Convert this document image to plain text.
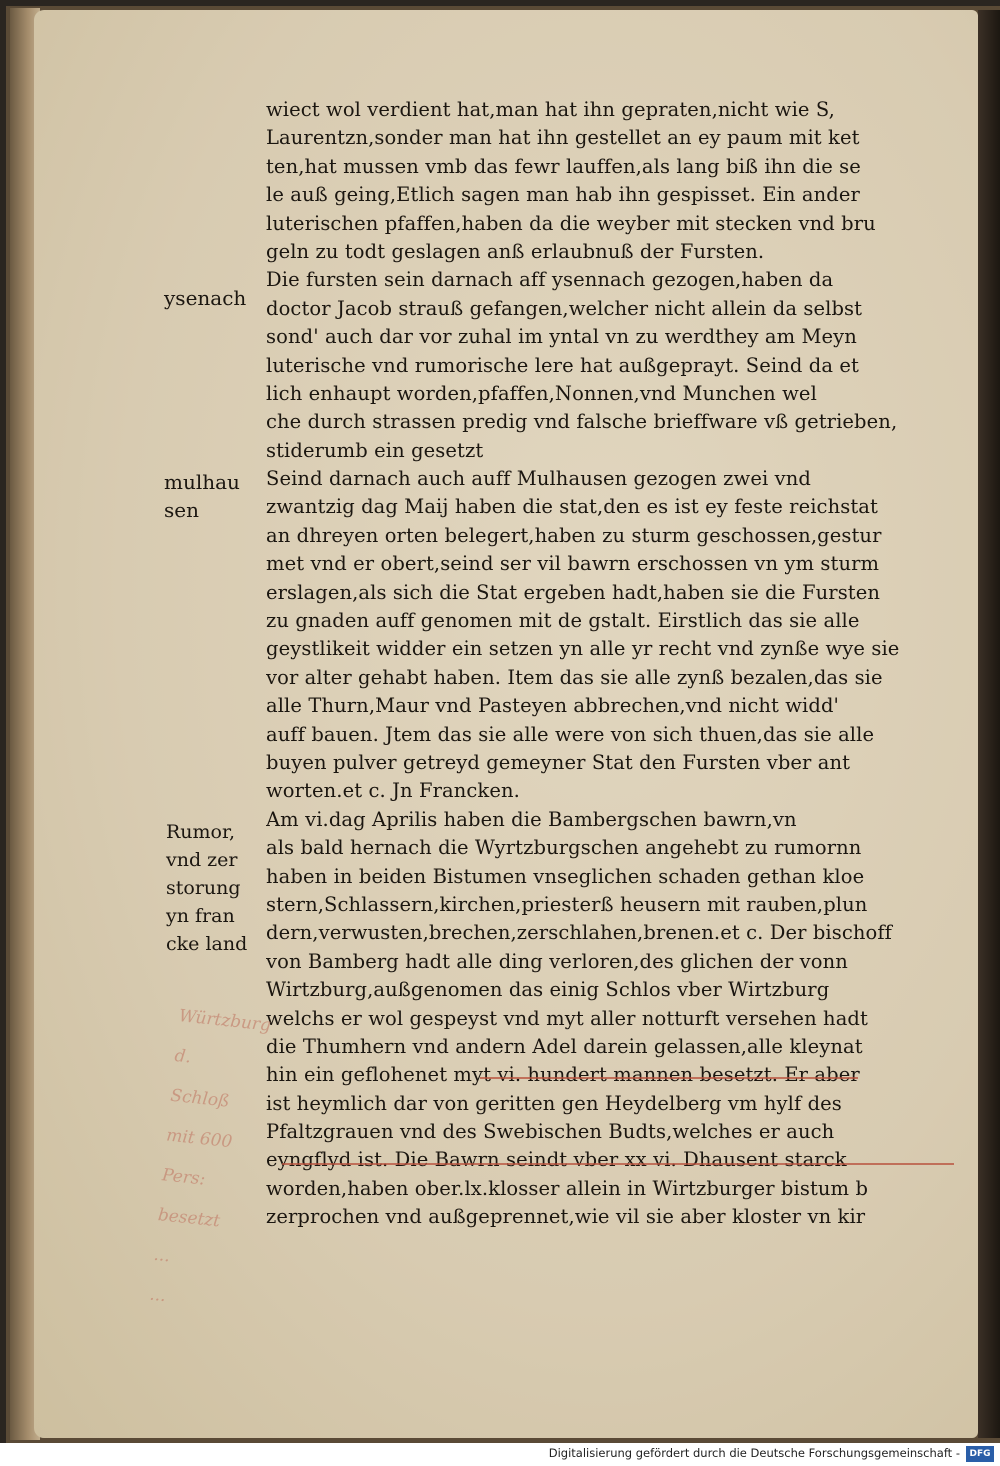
wiect wol verdient hat,man hat ihn gepraten,nicht wie S,
Laurentzn,sonder man hat ihn gestellet an ey paum mit ket
ten,hat mussen vmb das fewr lauffen,als lang biß ihn die se
le auß geing,Etlich sagen man hab ihn gespisset. Ein ander
luterischen pfaffen,haben da die weyber mit stecken vnd bru
geln zu todt geslagen anß erlaubnuß der Fursten.
Die fursten sein darnach aff ysennach gezogen,haben da
doctor Jacob strauß gefangen,welcher nicht allein da selbst
sond' auch dar vor zuhal im yntal vn zu werdthey am Meyn
luterische vnd rumorische lere hat außgeprayt. Seind da et
lich enhaupt worden,pfaffen,Nonnen,vnd Munchen wel
che durch strassen predig vnd falsche brieffware vß getrieben,
stiderumb ein gesetzt
Seind darnach auch auff Mulhausen gezogen zwei vnd
zwantzig dag Maij haben die stat,den es ist ey feste reichstat
an dhreyen orten belegert,haben zu sturm geschossen,gestur
met vnd er obert,seind ser vil bawrn erschossen vn ym sturm
erslagen,als sich die Stat ergeben hadt,haben sie die Fursten
zu gnaden auff genomen mit de gstalt. Eirstlich das sie alle
geystlikeit widder ein setzen yn alle yr recht vnd zynße wye sie
vor alter gehabt haben. Item das sie alle zynß bezalen,das sie
alle Thurn,Maur vnd Pasteyen abbrechen,vnd nicht widd'
auff bauen. Jtem das sie alle were von sich thuen,das sie alle
buyen pulver getreyd gemeyner Stat den Fursten vber ant
worten.et c. Jn Francken.
Am vi.dag Aprilis haben die Bambergschen bawrn,vn
als bald hernach die Wyrtzburgschen angehebt zu rumornn
haben in beiden Bistumen vnseglichen schaden gethan kloe
stern,Schlassern,kirchen,priesterß heusern mit rauben,plun
dern,verwusten,brechen,zerschlahen,brenen.et c. Der bischoff
von Bamberg hadt alle ding verloren,des glichen der vonn
Wirtzburg,außgenomen das einig Schlos vber Wirtzburg
welchs er wol gespeyst vnd myt aller notturft versehen hadt
die Thumhern vnd andern Adel darein gelassen,alle kleynat
hin ein geflohenet myt vi. hundert mannen besetzt. Er aber
ist heymlich dar von geritten gen Heydelberg vm hylf des
Pfaltzgrauen vnd des Swebischen Budts,welches er auch
eyngflyd ist. Die Bawrn seindt vber xx vi. Dhausent starck
worden,haben ober.lx.klosser allein in Wirtzburger bistum b
zerprochen vnd außgeprennet,wie vil sie aber kloster vn kir
ysenach
mulhau
sen
Rumor,
vnd zer
storung
yn fran
cke land
Würtzburg d.
Schloß mit 600
Pers: besetzt
...
...
Digitalisierung gefördert durch die Deutsche Forschungsgemeinschaft -	DFG
